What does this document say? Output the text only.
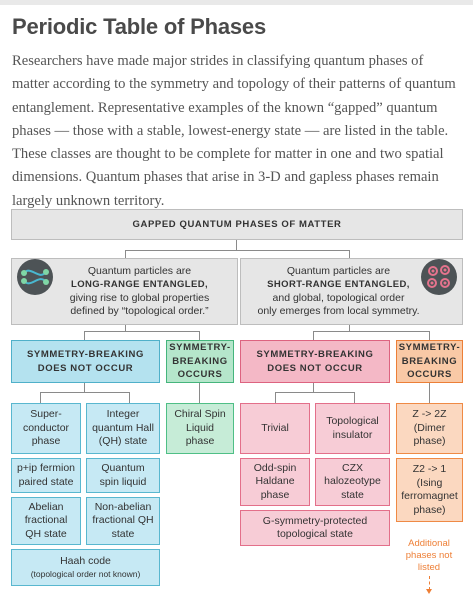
Periodic Table of Phases
Researchers have made major strides in classifying quantum phases of matter according to the symmetry and topology of their patterns of quantum entanglement. Representative examples of the known “gapped” quantum phases — those with a stable, lowest-energy state — are listed in the table. These classes are thought to be complete for matter in one and two spatial dimensions. Quantum phases that arise in 3-D and gapless phases remain largely unknown territory.
GAPPED QUANTUM PHASES OF MATTER
Quantum particles are
LONG-RANGE ENTANGLED,
giving rise to global properties
defined by “topological order.”
Quantum particles are
SHORT-RANGE ENTANGLED,
and global, topological order
only emerges from local symmetry.
SYMMETRY-BREAKING DOES NOT OCCUR
SYMMETRY-BREAKING OCCURS
SYMMETRY-BREAKING DOES NOT OCCUR
SYMMETRY-BREAKING OCCURS
Super-conductor phase
Integer quantum Hall (QH) state
p+ip fermion paired state
Quantum spin liquid
Abelian fractional QH state
Non-abelian fractional QH state
Haah code
(topological order not known)
Chiral Spin Liquid phase
Trivial
Topological insulator
Odd-spin Haldane phase
CZX halozeotype state
G-symmetry-protected topological state
Z -> 2Z
(Dimer phase)
Z2 -> 1
(Ising ferromagnet phase)
Additional phases not listed
